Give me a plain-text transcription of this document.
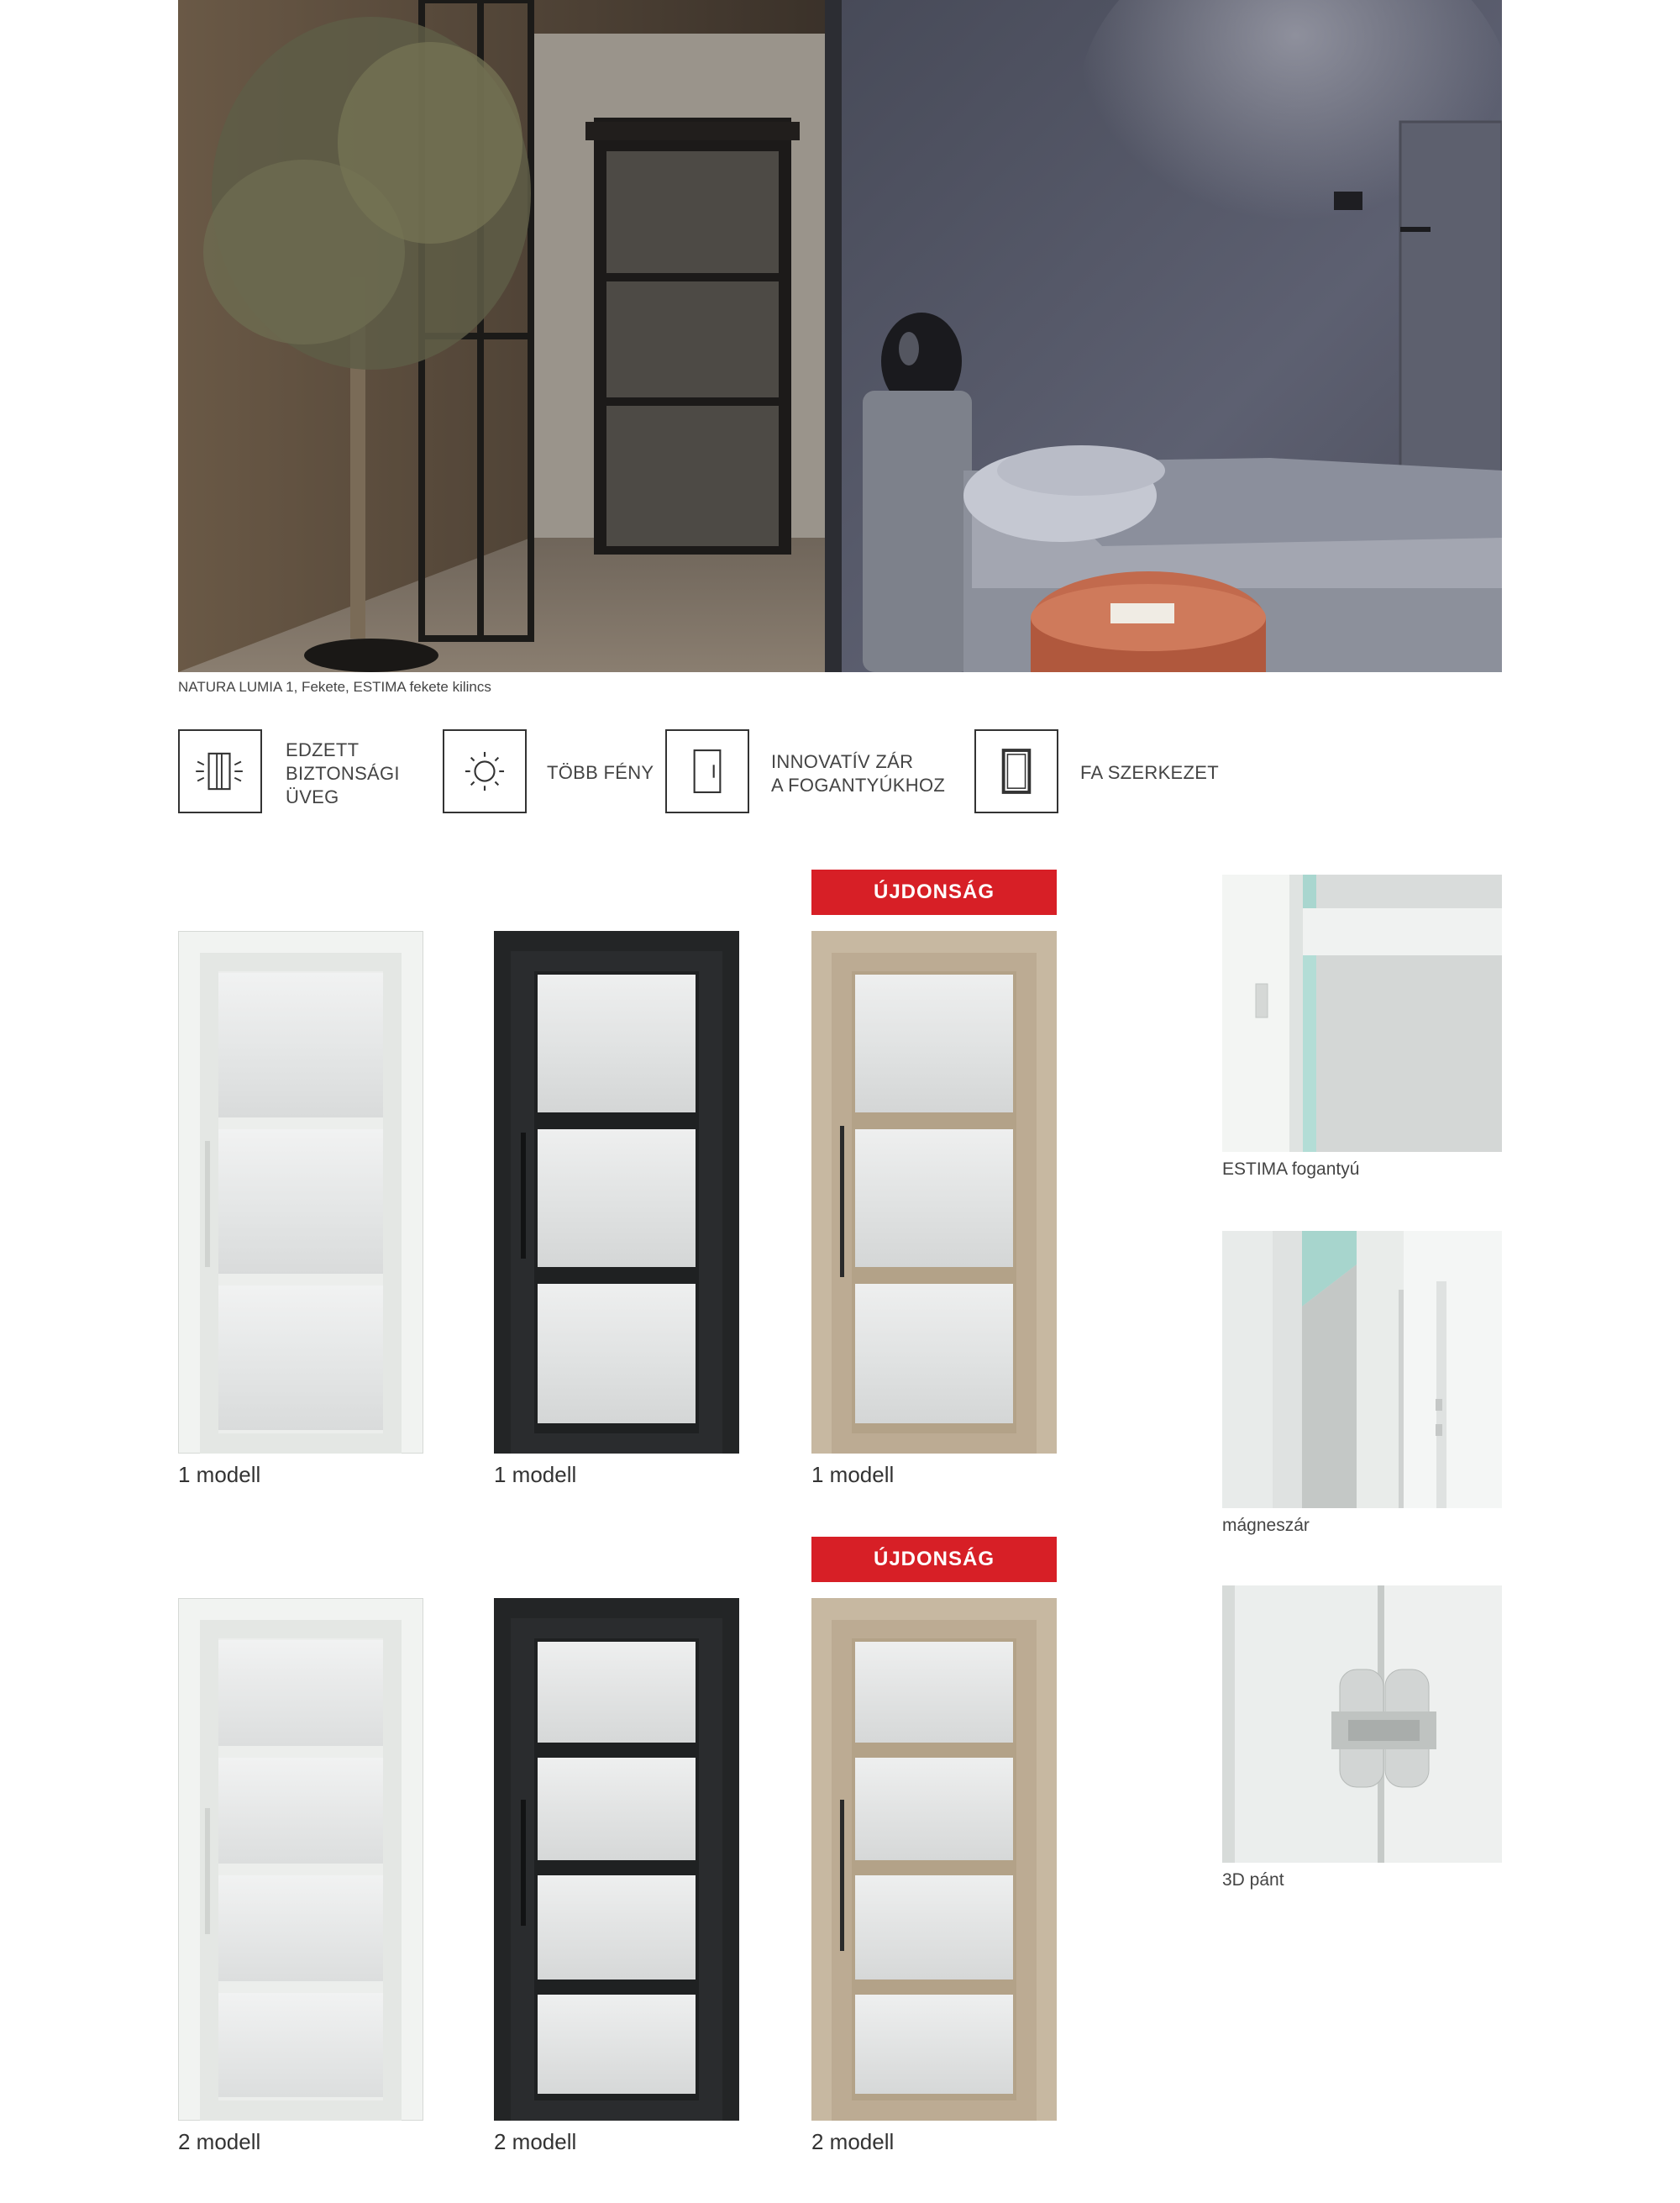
NATURA LUMIA 1, Fekete, ESTIMA fekete kilincs
EDZETT
BIZTONSÁGI
ÜVEG
TÖBB FÉNY
INNOVATÍV ZÁR
A FOGANTYÚKHOZ
FA SZERKEZET
ÚJDONSÁG
ÚJDONSÁG
1 modell	1 modell	1 modell
2 modell	2 modell	2 modell
ESTIMA fogantyú
mágneszár
3D pánt
